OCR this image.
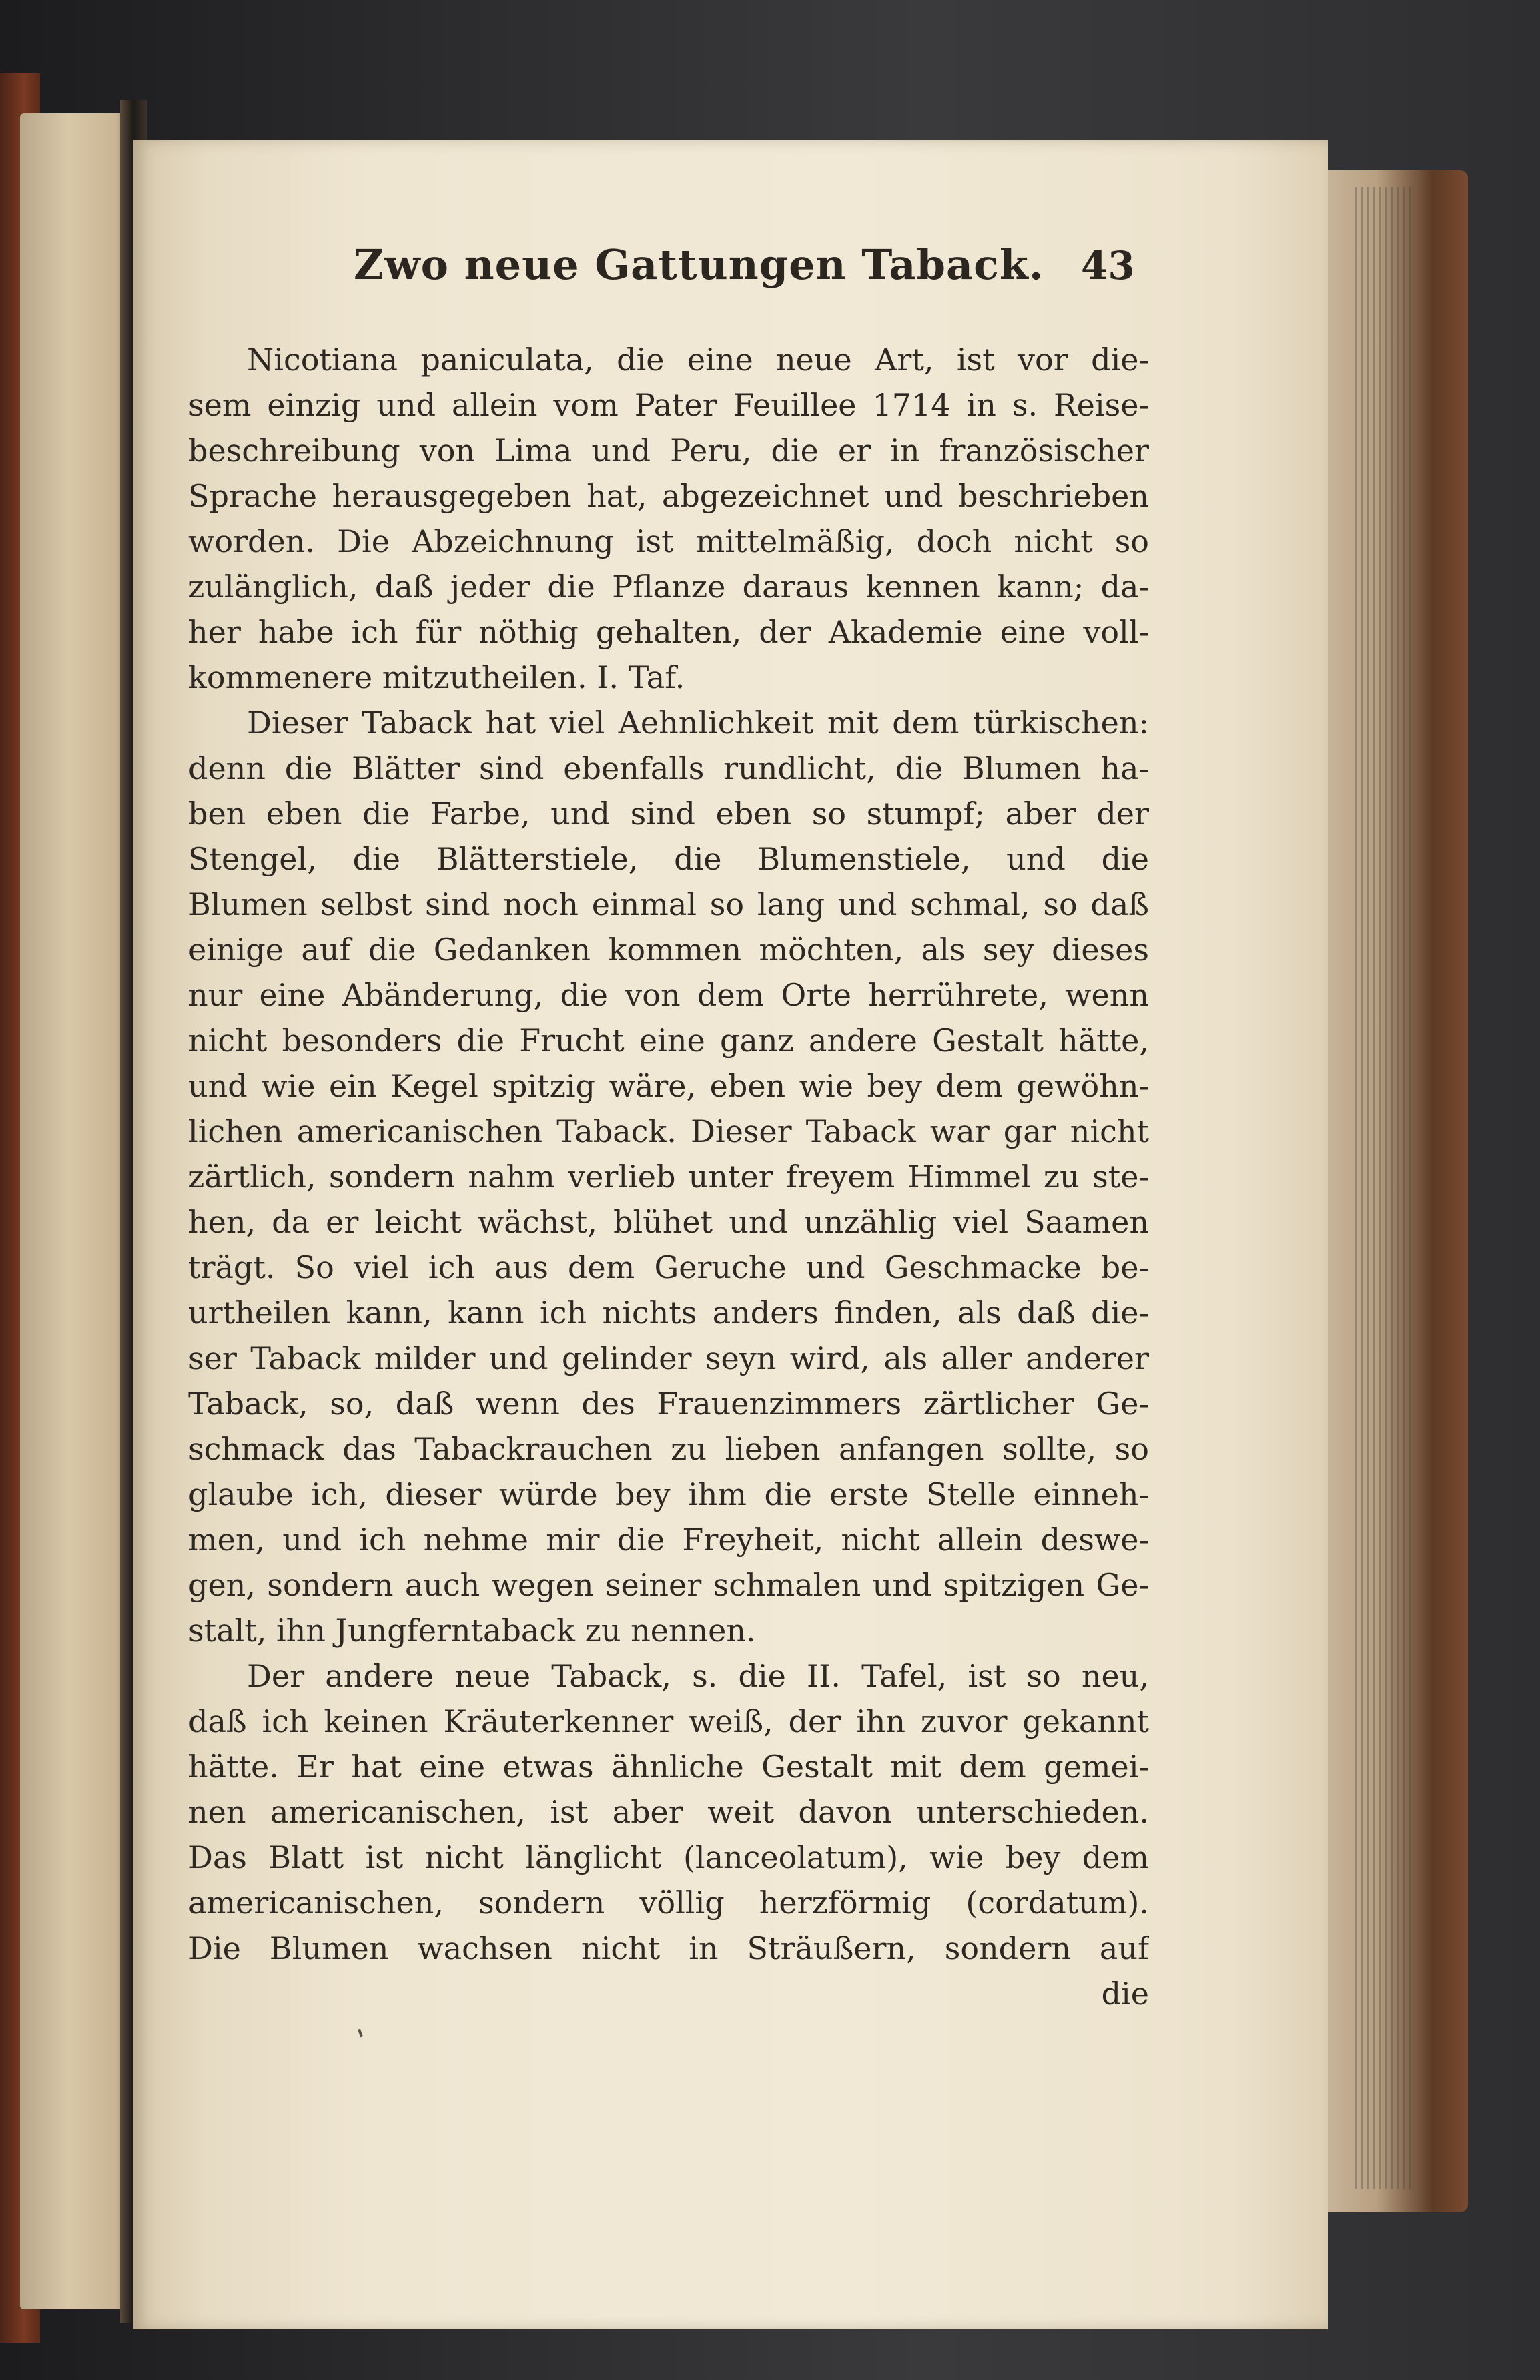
Zwo neue Gattungen Taback. 43
Nicotiana paniculata, die eine neue Art, ist vor die-
sem einzig und allein vom Pater Feuillee 1714 in s. Reise-
beschreibung von Lima und Peru, die er in französischer
Sprache herausgegeben hat, abgezeichnet und beschrieben
worden. Die Abzeichnung ist mittelmäßig, doch nicht so
zulänglich, daß jeder die Pflanze daraus kennen kann; da-
her habe ich für nöthig gehalten, der Akademie eine voll-
kommenere mitzutheilen. I. Taf.
Dieser Taback hat viel Aehnlichkeit mit dem türkischen:
denn die Blätter sind ebenfalls rundlicht, die Blumen ha-
ben eben die Farbe, und sind eben so stumpf; aber der
Stengel, die Blätterstiele, die Blumenstiele, und die
Blumen selbst sind noch einmal so lang und schmal, so daß
einige auf die Gedanken kommen möchten, als sey dieses
nur eine Abänderung, die von dem Orte herrührete, wenn
nicht besonders die Frucht eine ganz andere Gestalt hätte,
und wie ein Kegel spitzig wäre, eben wie bey dem gewöhn-
lichen americanischen Taback. Dieser Taback war gar nicht
zärtlich, sondern nahm verlieb unter freyem Himmel zu ste-
hen, da er leicht wächst, blühet und unzählig viel Saamen
trägt. So viel ich aus dem Geruche und Geschmacke be-
urtheilen kann, kann ich nichts anders finden, als daß die-
ser Taback milder und gelinder seyn wird, als aller anderer
Taback, so, daß wenn des Frauenzimmers zärtlicher Ge-
schmack das Tabackrauchen zu lieben anfangen sollte, so
glaube ich, dieser würde bey ihm die erste Stelle einneh-
men, und ich nehme mir die Freyheit, nicht allein deswe-
gen, sondern auch wegen seiner schmalen und spitzigen Ge-
stalt, ihn Jungferntaback zu nennen.
Der andere neue Taback, s. die II. Tafel, ist so neu,
daß ich keinen Kräuterkenner weiß, der ihn zuvor gekannt
hätte. Er hat eine etwas ähnliche Gestalt mit dem gemei-
nen americanischen, ist aber weit davon unterschieden.
Das Blatt ist nicht länglicht (lanceolatum), wie bey dem
americanischen, sondern völlig herzförmig (cordatum).
Die Blumen wachsen nicht in Sträußern, sondern auf
die
